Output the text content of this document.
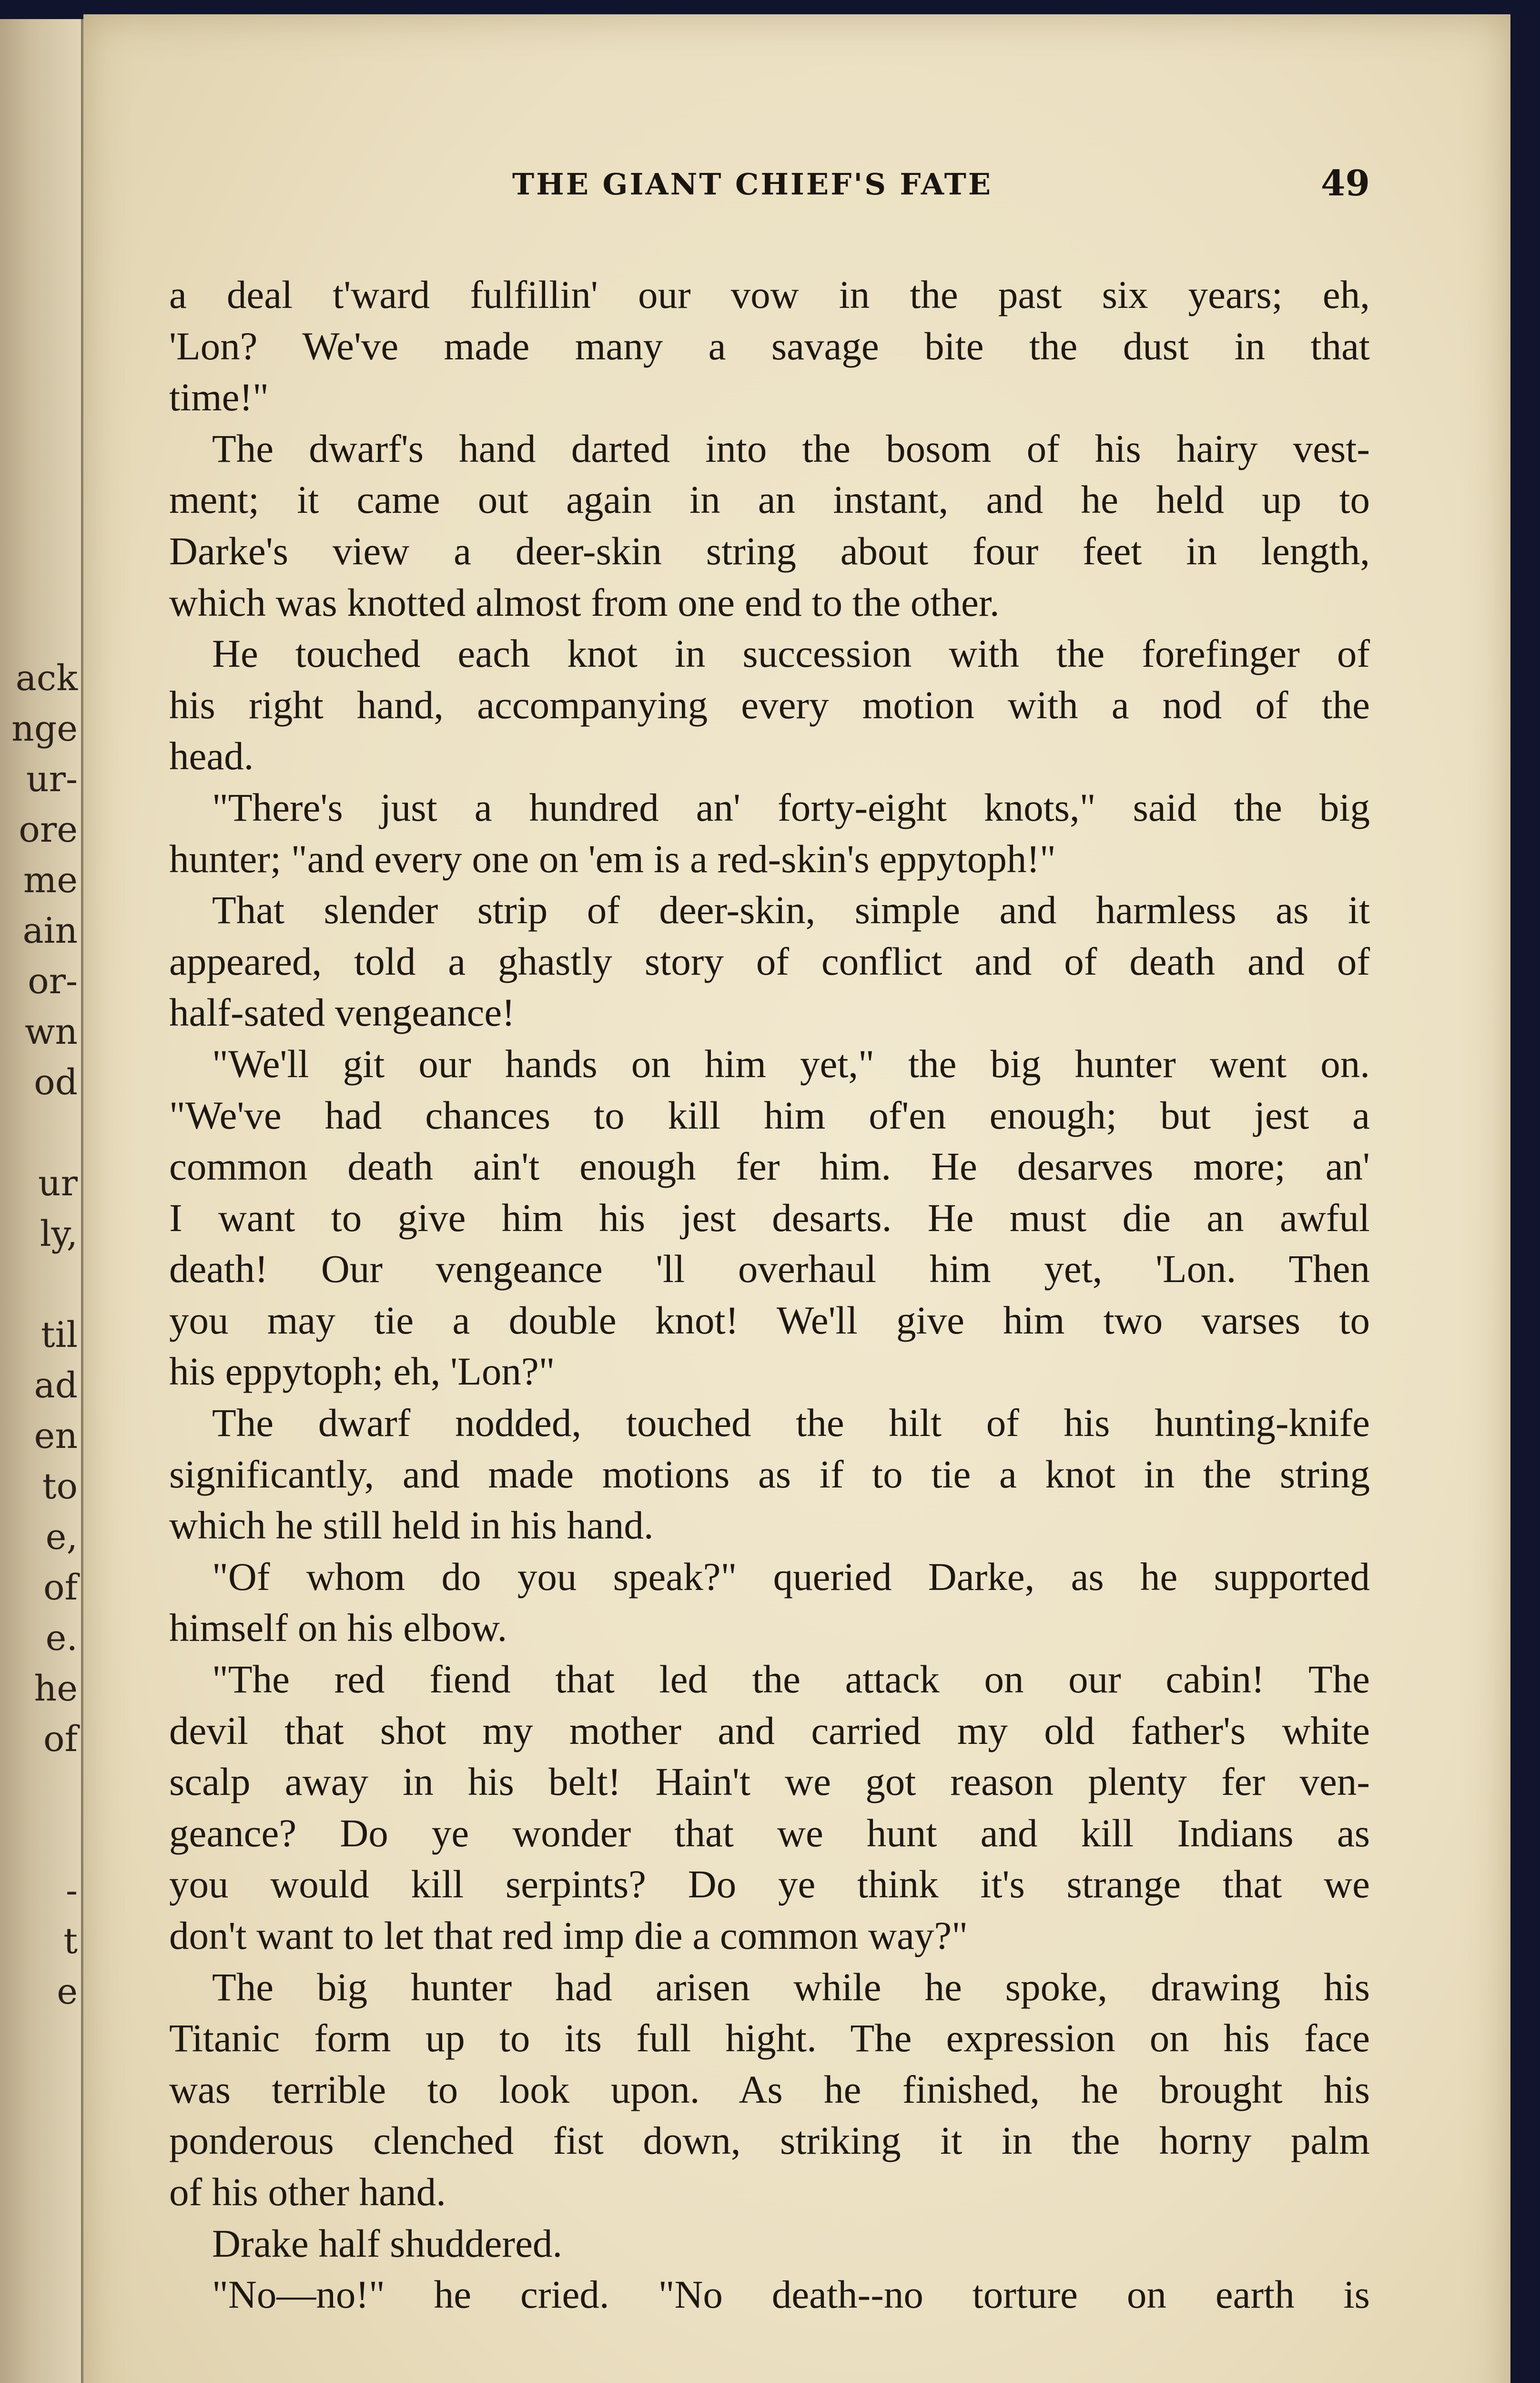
ack
nge
ur-
ore
me
ain
or-
wn
od
ur
ly,
til
ad
en
to
e,
of
e.
he
of
-
t
e
THE GIANT CHIEF'S FATE	49
a deal t'ward fulfillin' our vow in the past six years; eh,
'Lon? We've made many a savage bite the dust in that
time!"
The dwarf's hand darted into the bosom of his hairy vest-
ment; it came out again in an instant, and he held up to
Darke's view a deer-skin string about four feet in length,
which was knotted almost from one end to the other.
He touched each knot in succession with the forefinger of
his right hand, accompanying every motion with a nod of the
head.
"There's just a hundred an' forty-eight knots," said the big
hunter; "and every one on 'em is a red-skin's eppytoph!"
That slender strip of deer-skin, simple and harmless as it
appeared, told a ghastly story of conflict and of death and of
half-sated vengeance!
"We'll git our hands on him yet," the big hunter went on.
"We've had chances to kill him of'en enough; but jest a
common death ain't enough fer him. He desarves more; an'
I want to give him his jest desarts. He must die an awful
death! Our vengeance 'll overhaul him yet, 'Lon. Then
you may tie a double knot! We'll give him two varses to
his eppytoph; eh, 'Lon?"
The dwarf nodded, touched the hilt of his hunting-knife
significantly, and made motions as if to tie a knot in the string
which he still held in his hand.
"Of whom do you speak?" queried Darke, as he supported
himself on his elbow.
"The red fiend that led the attack on our cabin! The
devil that shot my mother and carried my old father's white
scalp away in his belt! Hain't we got reason plenty fer ven-
geance? Do ye wonder that we hunt and kill Indians as
you would kill serpints? Do ye think it's strange that we
don't want to let that red imp die a common way?"
The big hunter had arisen while he spoke, drawing his
Titanic form up to its full hight. The expression on his face
was terrible to look upon. As he finished, he brought his
ponderous clenched fist down, striking it in the horny palm
of his other hand.
Drake half shuddered.
"No—no!" he cried. "No death--no torture on earth is
